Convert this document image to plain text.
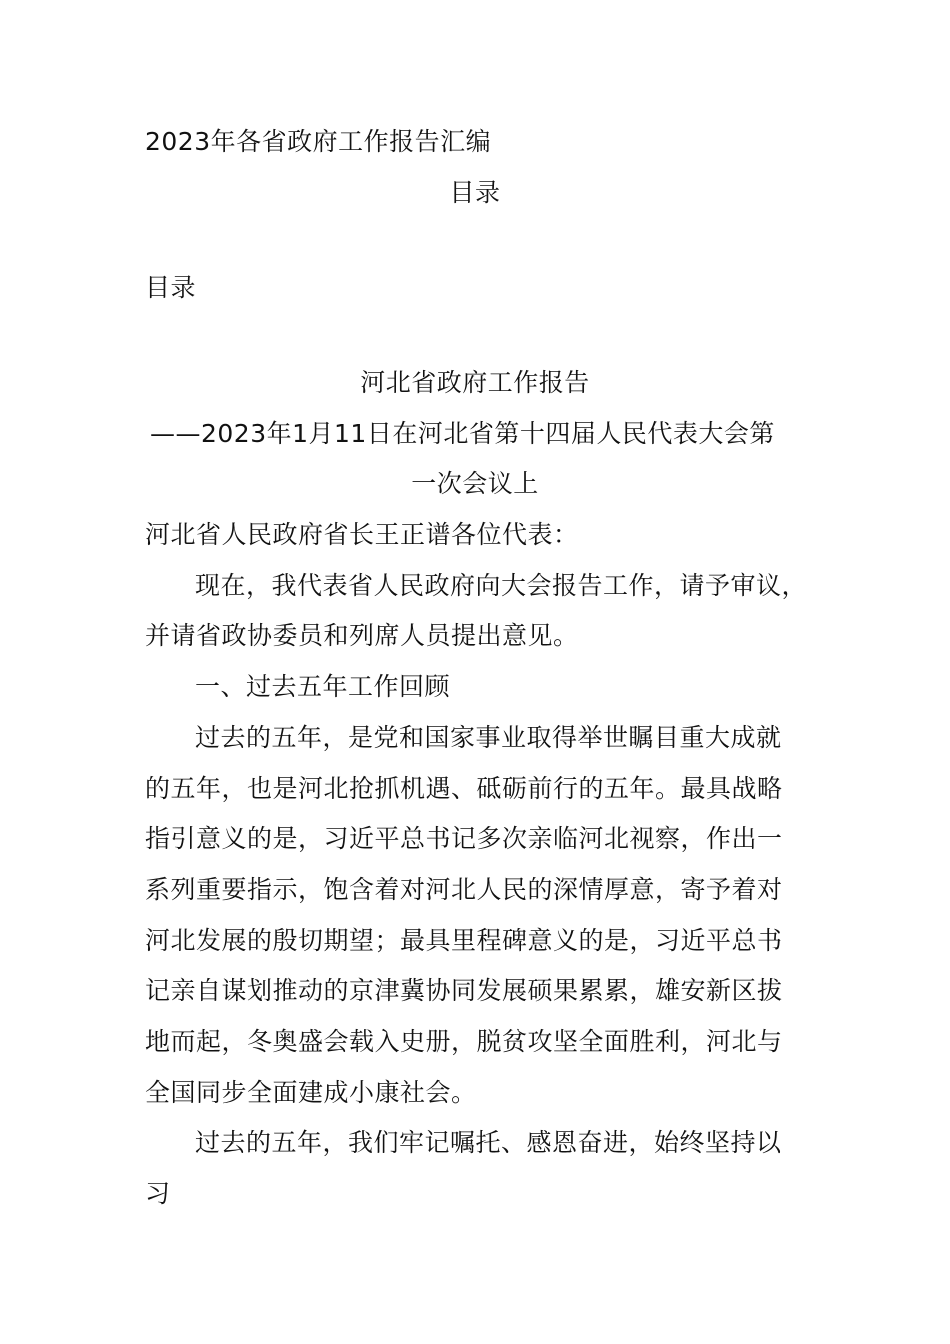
2023年各省政府工作报告汇编
目录
目录
河北省政府工作报告
——2023年1月11日在河北省第十四届人民代表大会第
一次会议上
河北省人民政府省长王正谱各位代表：
现在，我代表省人民政府向大会报告工作，请予审议，
并请省政协委员和列席人员提出意见。
一、过去五年工作回顾
过去的五年，是党和国家事业取得举世瞩目重大成就
的五年，也是河北抢抓机遇、砥砺前行的五年。最具战略
指引意义的是，习近平总书记多次亲临河北视察，作出一
系列重要指示，饱含着对河北人民的深情厚意，寄予着对
河北发展的殷切期望；最具里程碑意义的是，习近平总书
记亲自谋划推动的京津冀协同发展硕果累累，雄安新区拔
地而起，冬奥盛会载入史册，脱贫攻坚全面胜利，河北与
全国同步全面建成小康社会。
过去的五年，我们牢记嘱托、感恩奋进，始终坚持以
习
